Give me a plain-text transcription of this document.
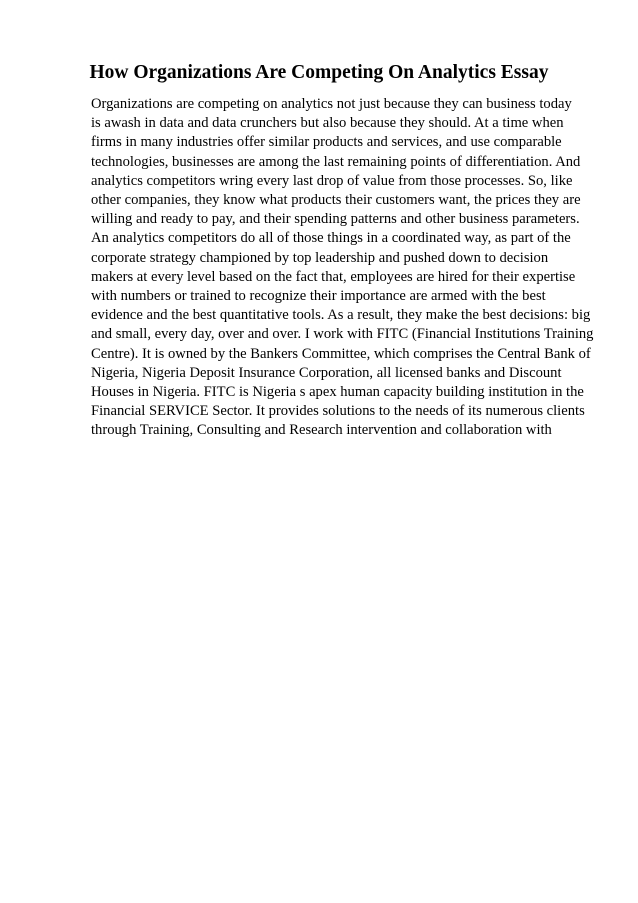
How Organizations Are Competing On Analytics Essay

Organizations are competing on analytics not just because they can business today
is awash in data and data crunchers but also because they should. At a time when
firms in many industries offer similar products and services, and use comparable
technologies, businesses are among the last remaining points of differentiation. And
analytics competitors wring every last drop of value from those processes. So, like
other companies, they know what products their customers want, the prices they are
willing and ready to pay, and their spending patterns and other business parameters.
An analytics competitors do all of those things in a coordinated way, as part of the
corporate strategy championed by top leadership and pushed down to decision
makers at every level based on the fact that, employees are hired for their expertise
with numbers or trained to recognize their importance are armed with the best
evidence and the best quantitative tools. As a result, they make the best decisions: big
and small, every day, over and over. I work with FITC (Financial Institutions Training
Centre). It is owned by the Bankers Committee, which comprises the Central Bank of
Nigeria, Nigeria Deposit Insurance Corporation, all licensed banks and Discount
Houses in Nigeria. FITC is Nigeria s apex human capacity building institution in the
Financial SERVICE Sector. It provides solutions to the needs of its numerous clients
through Training, Consulting and Research intervention and collaboration with
